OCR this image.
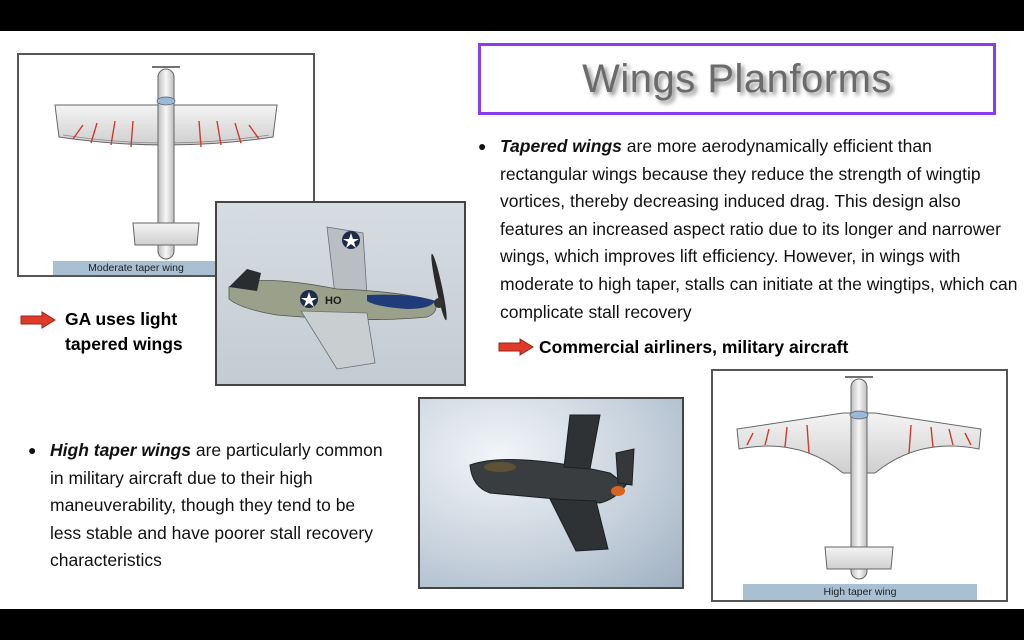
Moderate taper wing
HO
Wings Planforms
● Tapered wings are more aerodynamically efficient than rectangular wings because they reduce the strength of wingtip vortices, thereby decreasing induced drag. This design also features an increased aspect ratio due to its longer and narrower wings, which improves lift efficiency. However, in wings with moderate to high taper, stalls can initiate at the wingtips, which can complicate stall recovery
Commercial airliners, military aircraft
GA uses light
tapered wings
● High taper wings are particularly common in military aircraft due to their high maneuverability, though they tend to be less stable and have poorer stall recovery characteristics
High taper wing
